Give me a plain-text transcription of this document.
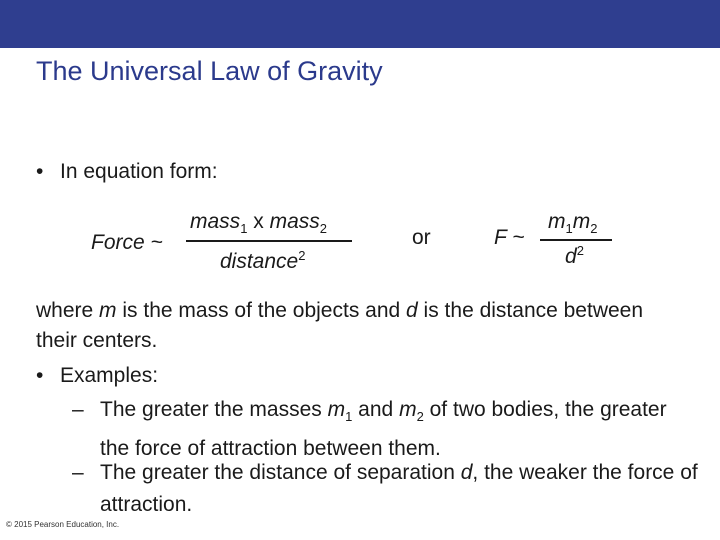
The Universal Law of Gravity
• In equation form:
Force ~
mass$_1$ x mass$_2$
distance$^2$
or	F ~
$m_1m_2$
$d^2$
where m is the mass of the objects and d is the distance between their centers.
• Examples:
– The greater the masses $m_1$ and $m_2$ of two bodies, the greater the force of attraction between them.
– The greater the distance of separation d, the weaker the force of attraction.
© 2015 Pearson Education, Inc.
